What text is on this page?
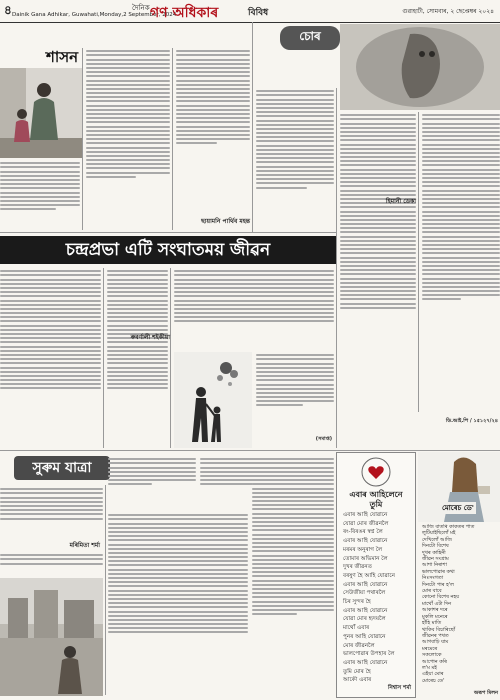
৪ Dainik Gana Adhikar, Guwahati,Monday,2 September, 2024
দৈনিক গণ অধিকাৰ	বিবিধ	গুৱাহাটী, সোমবাৰ, ২ ছেপ্তেম্বৰ ২০২৪
শাসন
ছায়ামনি পাৰ্থিব মহন্ত
চোৰ
হিমানী ডেকা
ডি.আই.পি / ১৫১২৭/২৪
চন্দ্ৰপ্ৰভা এটি সংঘাতময় জীৱন
ৰুবৰ্ণালী শইকীয়া
(সমাপ্ত)
সুৰুম যাত্ৰা
মৰিমিতা শৰ্মা
এবাৰ আহিলেনে
তুমি
এবাৰ আহি যোৱানে
যোৱা মোৰ জীৱনলৈ
ৰং-বিৰঙৰ স্বপ্ন লৈ
এবাৰ আহি যোৱানে
মৰমৰ অনুৰাগ লৈ
তোমাৰ অভিমান লৈ
দুখৰ জীৱনত
বৰষুণ হৈ আহি যোৱানে
এবাৰ আহি যোৱানে
সেউজীয়া পথাৰলৈ
চিৰ সুন্দৰ হৈ
এবাৰ আহি যোৱানে
যোৱা মোৰ হৃদয়লৈ
মাথোঁ এবাৰ
পুনৰ আহি যোৱানে
মোৰ জীৱনলৈ
ভালপোৱাৰ উপহাৰ লৈ
এবাৰ আহি যোৱানে
তুমি মোৰ হৈ
আকৌ এবাৰ
নিশ্বাস শৰ্মা
মোৰেচ ডে'
আজি বাতৰি কাকতৰ পাত
লুটিয়াইছিলোঁ মই
দেখিলোঁ আজি
দিনটো বিশেষ
দুখৰ কাহিনী
জীৱন সংগ্ৰাম
আশা নিৰাশা
ভালপোৱাৰ কথা
নিঃসংগতা
দিনটো পাৰ হ'ল
মোৰ বাবে
কোনো বিশেষ নহয়
মাথোঁ এটা দিন
আকাশৰ দৰে
মুকলি মনেৰে
হাঁহি মাতি
থাকিব বিচাৰিছোঁ
জীৱনৰ পথত
আগবাঢ়ি যাম
মৰমেৰে
সকলোকে
আপোন কৰি
ল'ম মই
এইয়া মোৰ
মোৰেচ ডে'
অৰূপ মিলন
